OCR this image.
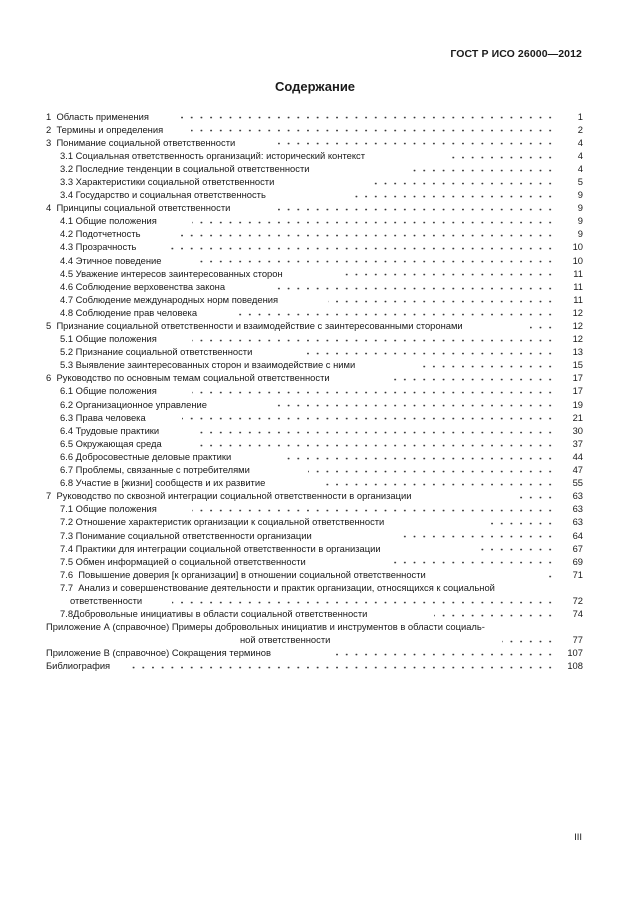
ГОСТ Р ИСО 26000—2012
Содержание
1 Область применения	1
2 Термины и определения	2
3 Понимание социальной ответственности	4
3.1 Социальная ответственность организаций: исторический контекст	4
3.2 Последние тенденции в социальной ответственности	4
3.3 Характеристики социальной ответственности	5
3.4 Государство и социальная ответственность	9
4 Принципы социальной ответственности	9
4.1 Общие положения	9
4.2 Подотчетность	9
4.3 Прозрачность	10
4.4 Этичное поведение	10
4.5 Уважение интересов заинтересованных сторон	11
4.6 Соблюдение верховенства закона	11
4.7 Соблюдение международных норм поведения	11
4.8 Соблюдение прав человека	12
5 Признание социальной ответственности и взаимодействие с заинтересованными сторонами	12
5.1 Общие положения	12
5.2 Признание социальной ответственности	13
5.3 Выявление заинтересованных сторон и взаимодействие с ними	15
6 Руководство по основным темам социальной ответственности	17
6.1 Общие положения	17
6.2 Организационное управление	19
6.3 Права человека	21
6.4 Трудовые практики	30
6.5 Окружающая среда	37
6.6 Добросовестные деловые практики	44
6.7 Проблемы, связанные с потребителями	47
6.8 Участие в [жизни] сообществ и их развитие	55
7 Руководство по сквозной интеграции социальной ответственности в организации	63
7.1 Общие положения	63
7.2 Отношение характеристик организации к социальной ответственности	63
7.3 Понимание социальной ответственности организации	64
7.4 Практики для интеграции социальной ответственности в организации	67
7.5 Обмен информацией о социальной ответственности	69
7.6 Повышение доверия [к организации] в отношении социальной ответственности	71
7.7 Анализ и совершенствование деятельности и практик организации, относящихся к социальной
ответственности	72
7.8Добровольные инициативы в области социальной ответственности	74
Приложение А (справочное) Примеры добровольных инициатив и инструментов в области социаль-
ной ответственности	77
Приложение В (справочное) Сокращения терминов	107
Библиография	108
III
